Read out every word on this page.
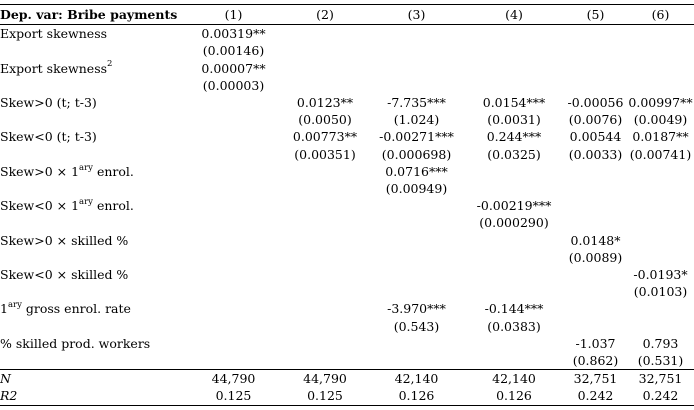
Dep. var: Bribe payments	(1)	(2)	(3)	(4)	(5)	(6)
Export skewness	0.00319**					
	(0.00146)					
Export skewness$^2$	0.00007**					
	(0.00003)					
Skew>0 (t; t-3)		0.0123**	-7.735***	0.0154***	-0.00056	0.00997**
		(0.0050)	(1.024)	(0.0031)	(0.0076)	(0.0049)
Skew<0 (t; t-3)		0.00773**	-0.00271***	0.244***	0.00544	0.0187**
		(0.00351)	(0.000698)	(0.0325)	(0.0033)	(0.00741)
Skew>0 × $1^{ary}$ enrol.			0.0716***			
			(0.00949)			
Skew<0 × $1^{ary}$ enrol.				-0.00219***		
				(0.000290)		
Skew>0 × skilled %					0.0148*	
					(0.0089)	
Skew<0 × skilled %						-0.0193*
						(0.0103)
$1^{ary}$ gross enrol. rate			-3.970***	-0.144***		
			(0.543)	(0.0383)		
% skilled prod. workers					-1.037	0.793
					(0.862)	(0.531)
N	44,790	44,790	42,140	42,140	32,751	32,751
R2	0.125	0.125	0.126	0.126	0.242	0.242
